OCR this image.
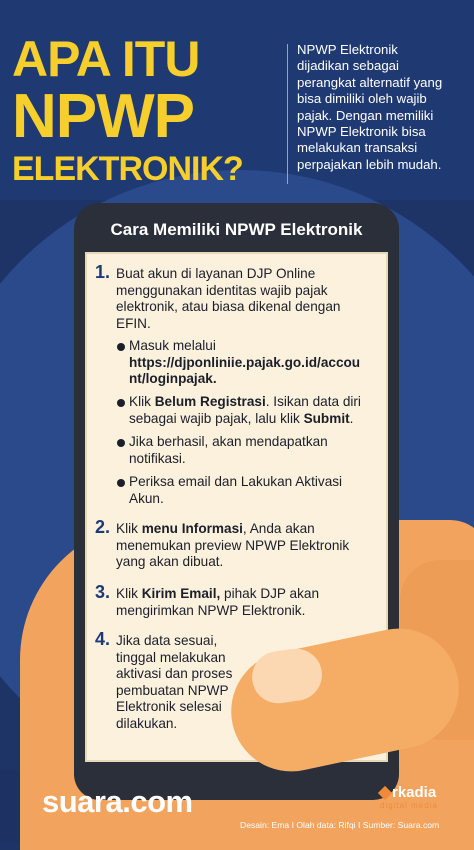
APA ITU
NPWP
ELEKTRONIK?
NPWP Elektronik
dijadikan sebagai
perangkat alternatif yang
bisa dimiliki oleh wajib
pajak. Dengan memiliki
NPWP Elektronik bisa
melakukan transaksi
perpajakan lebih mudah.
Cara Memiliki NPWP Elektronik
1. Buat akun di layanan DJP Online
menggunakan identitas wajib pajak
elektronik, atau biasa dikenal dengan
EFIN.
Masuk melalui
https://djponliniie.pajak.go.id/accou
nt/loginpajak.
Klik Belum Registrasi. Isikan data diri
sebagai wajib pajak, lalu klik Submit.
Jika berhasil, akan mendapatkan
notifikasi.
Periksa email dan Lakukan Aktivasi
Akun.
2. Klik menu Informasi, Anda akan
menemukan preview NPWP Elektronik
yang akan dibuat.
3. Klik Kirim Email, pihak DJP akan
mengirimkan NPWP Elektronik.
4. Jika data sesuai,
tinggal melakukan
aktivasi dan proses
pembuatan NPWP
Elektronik selesai
dilakukan.
suara.com	rkadia
digital media
Desain: Ema I Olah data: Rifqi I Sumber: Suara.com
